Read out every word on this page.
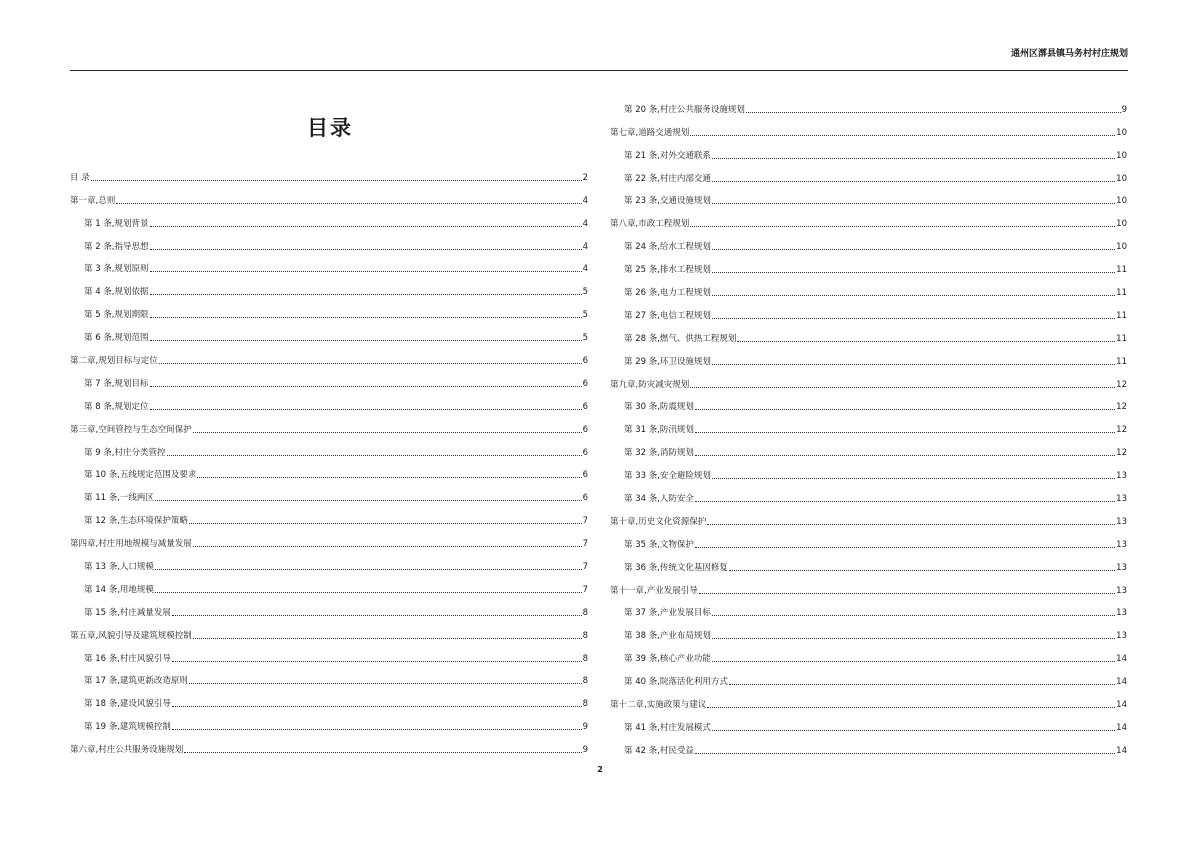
通州区漷县镇马务村村庄规划
目录
目 录	2
第一章,总则	4
第 1 条,规划背景	4
第 2 条,指导思想	4
第 3 条,规划原则	4
第 4 条,规划依据	5
第 5 条,规划期限	5
第 6 条,规划范围	5
第二章,规划目标与定位	6
第 7 条,规划目标	6
第 8 条,规划定位	6
第三章,空间管控与生态空间保护	6
第 9 条,村庄分类管控	6
第 10 条,五线规定范围及要求	6
第 11 条,一线两区	6
第 12 条,生态环境保护策略	7
第四章,村庄用地规模与减量发展	7
第 13 条,人口规模	7
第 14 条,用地规模	7
第 15 条,村庄减量发展	8
第五章,风貌引导及建筑规模控制	8
第 16 条,村庄风貌引导	8
第 17 条,建筑更新改造原则	8
第 18 条,建设风貌引导	8
第 19 条,建筑规模控制	9
第六章,村庄公共服务设施规划	9
第 20 条,村庄公共服务设施规划	9
第七章,道路交通规划	10
第 21 条,对外交通联系	10
第 22 条,村庄内部交通	10
第 23 条,交通设施规划	10
第八章,市政工程规划	10
第 24 条,给水工程规划	10
第 25 条,排水工程规划	11
第 26 条,电力工程规划	11
第 27 条,电信工程规划	11
第 28 条,燃气、供热工程规划	11
第 29 条,环卫设施规划	11
第九章,防灾减灾规划	12
第 30 条,防震规划	12
第 31 条,防汛规划	12
第 32 条,消防规划	12
第 33 条,安全避险规划	13
第 34 条,人防安全	13
第十章,历史文化资源保护	13
第 35 条,文物保护	13
第 36 条,传统文化基因修复	13
第十一章,产业发展引导	13
第 37 条,产业发展目标	13
第 38 条,产业布局规划	13
第 39 条,核心产业功能	14
第 40 条,院落活化利用方式	14
第十二章,实施政策与建议	14
第 41 条,村庄发展模式	14
第 42 条,村民受益	14
2
